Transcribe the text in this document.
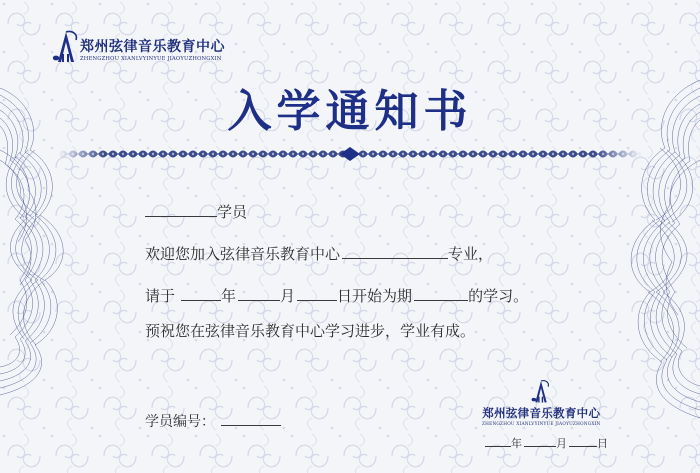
郑州弦律音乐教育中心
ZHENGZHOU XIANLVYINYUE JIAOYUZHONGXIN
入学通知书
学员
欢迎您加入弦律音乐教育中心	专业，
请于	年	月	日开始为期	的学习。
预祝您在弦律音乐教育中心学习进步，学业有成。
学员编号：
郑州弦律音乐教育中心
ZHENGZHOU XIANLVYINYUE JIAOYUZHONGXIN
年	月	日
